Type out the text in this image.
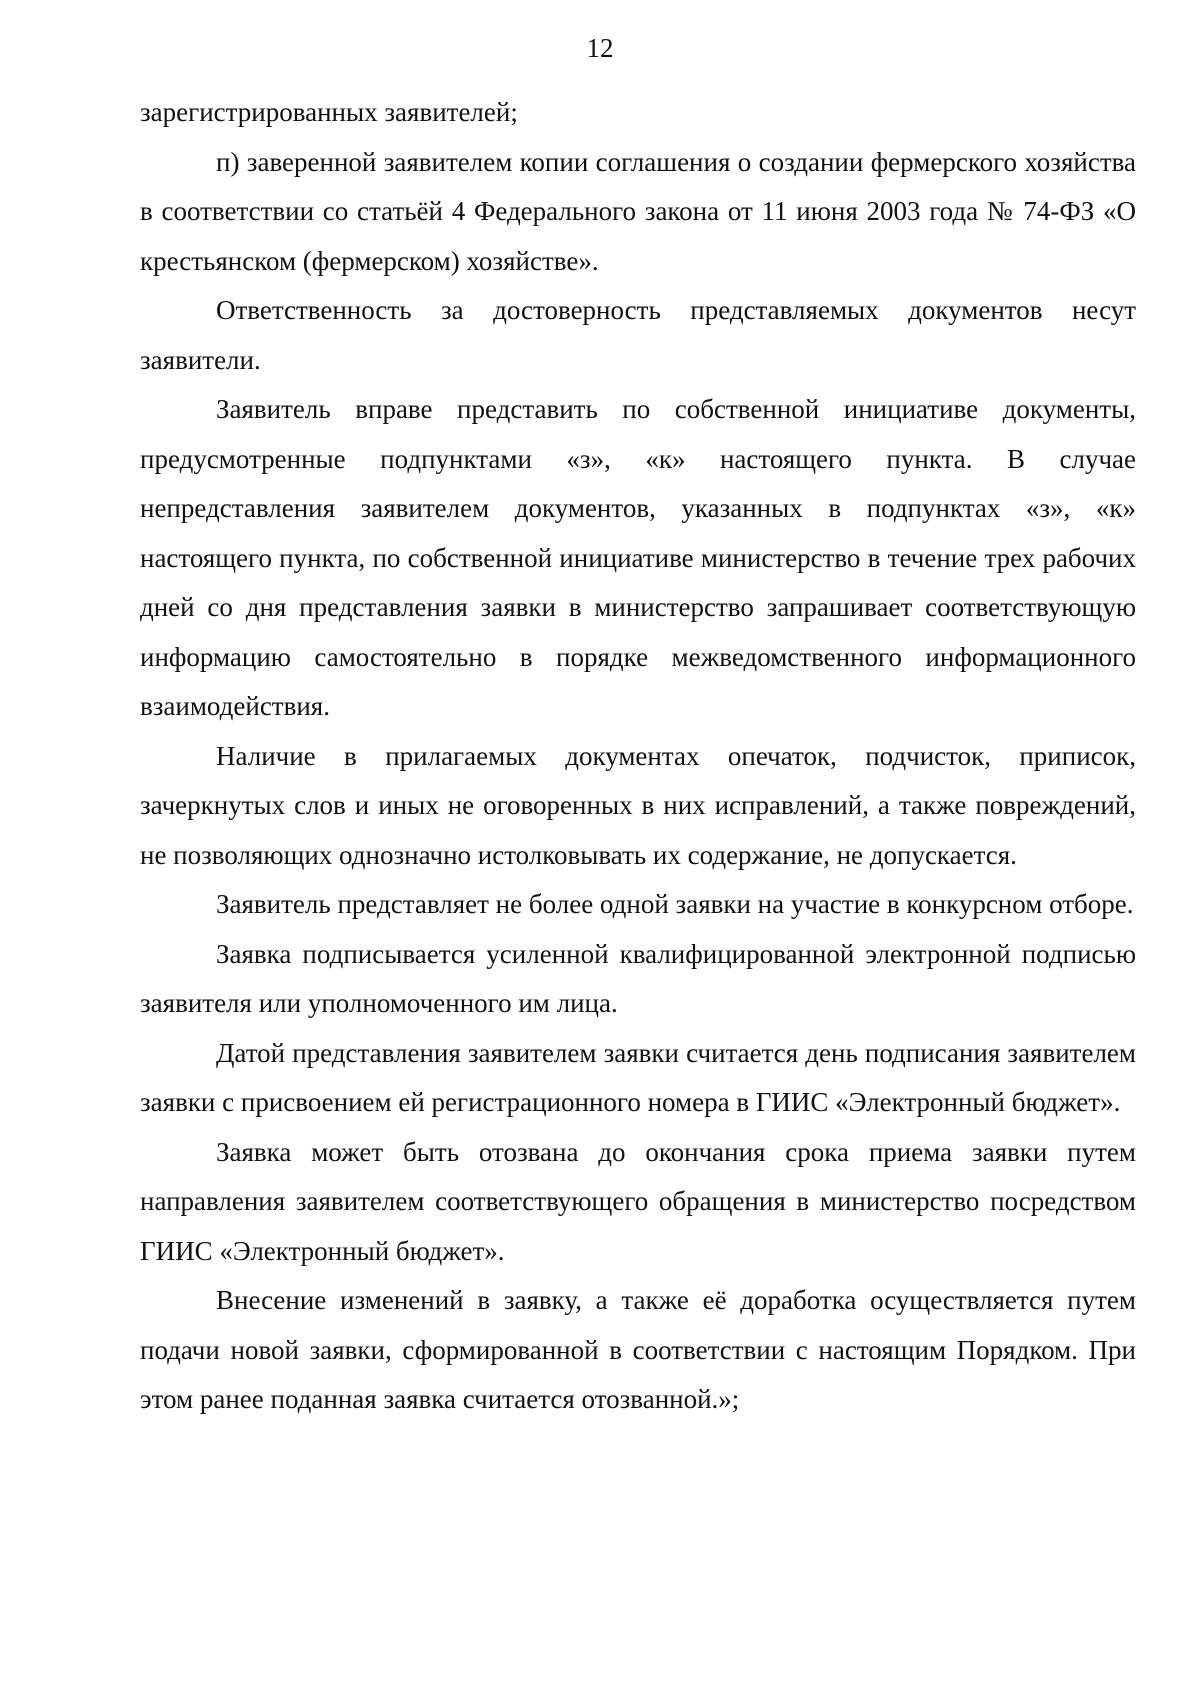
12

зарегистрированных заявителей;

п) заверенной заявителем копии соглашения о создании фермерского хозяйства в соответствии со статьёй 4 Федерального закона от 11 июня 2003 года № 74-ФЗ «О крестьянском (фермерском) хозяйстве».

Ответственность за достоверность представляемых документов несут заявители.

Заявитель вправе представить по собственной инициативе документы, предусмотренные подпунктами «з», «к» настоящего пункта. В случае непредставления заявителем документов, указанных в подпунктах «з», «к» настоящего пункта, по собственной инициативе министерство в течение трех рабочих дней со дня представления заявки в министерство запрашивает соответствующую информацию самостоятельно в порядке межведомственного информационного взаимодействия.

Наличие в прилагаемых документах опечаток, подчисток, приписок, зачеркнутых слов и иных не оговоренных в них исправлений, а также повреждений, не позволяющих однозначно истолковывать их содержание, не допускается.

Заявитель представляет не более одной заявки на участие в конкурсном отборе.

Заявка подписывается усиленной квалифицированной электронной подписью заявителя или уполномоченного им лица.

Датой представления заявителем заявки считается день подписания заявителем заявки с присвоением ей регистрационного номера в ГИИС «Электронный бюджет».

Заявка может быть отозвана до окончания срока приема заявки путем направления заявителем соответствующего обращения в министерство посредством ГИИС «Электронный бюджет».

Внесение изменений в заявку, а также её доработка осуществляется путем подачи новой заявки, сформированной в соответствии с настоящим Порядком. При этом ранее поданная заявка считается отозванной.»;
